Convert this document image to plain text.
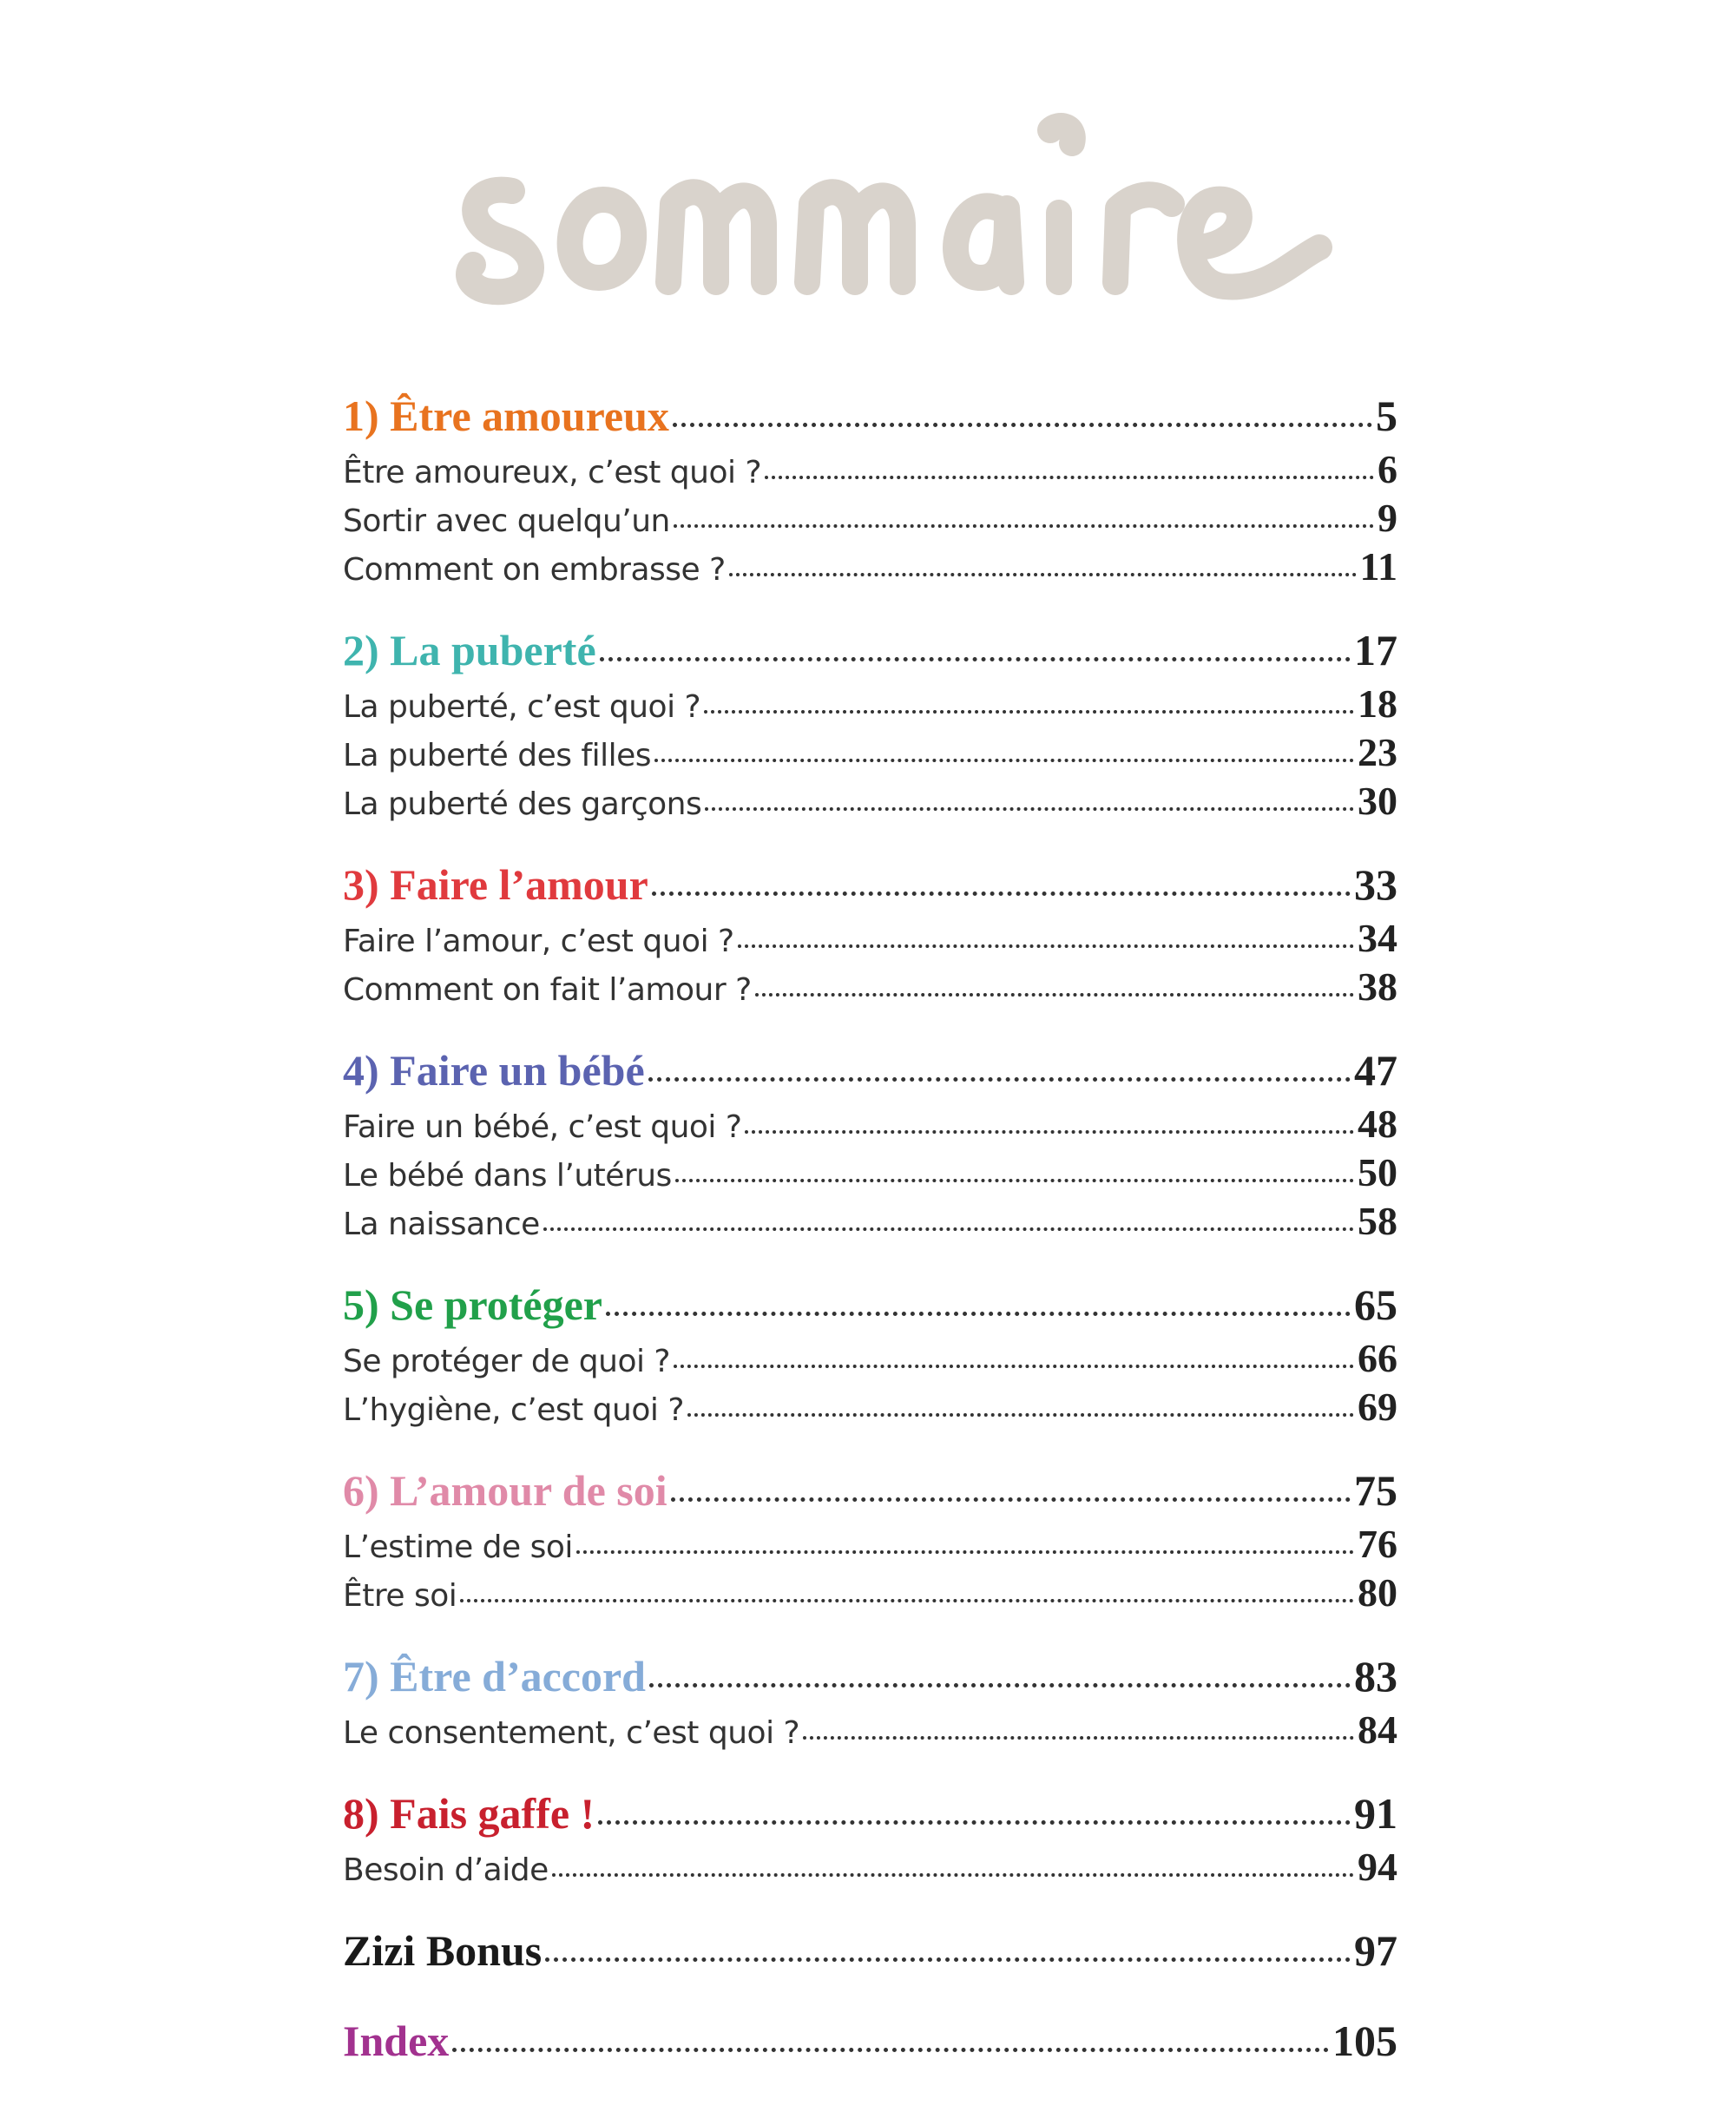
1) Être amoureux	5
Être amoureux, c’est quoi ?	6
Sortir avec quelqu’un	9
Comment on embrasse ?	11
2) La puberté	17
La puberté, c’est quoi ?	18
La puberté des filles	23
La puberté des garçons	30
3) Faire l’amour	33
Faire l’amour, c’est quoi ?	34
Comment on fait l’amour ?	38
4) Faire un bébé	47
Faire un bébé, c’est quoi ?	48
Le bébé dans l’utérus	50
La naissance	58
5) Se protéger	65
Se protéger de quoi ?	66
L’hygiène, c’est quoi ?	69
6) L’amour de soi	75
L’estime de soi	76
Être soi	80
7) Être d’accord	83
Le consentement, c’est quoi ?	84
8) Fais gaffe !	91
Besoin d’aide	94
Zizi Bonus	97
Index	105
